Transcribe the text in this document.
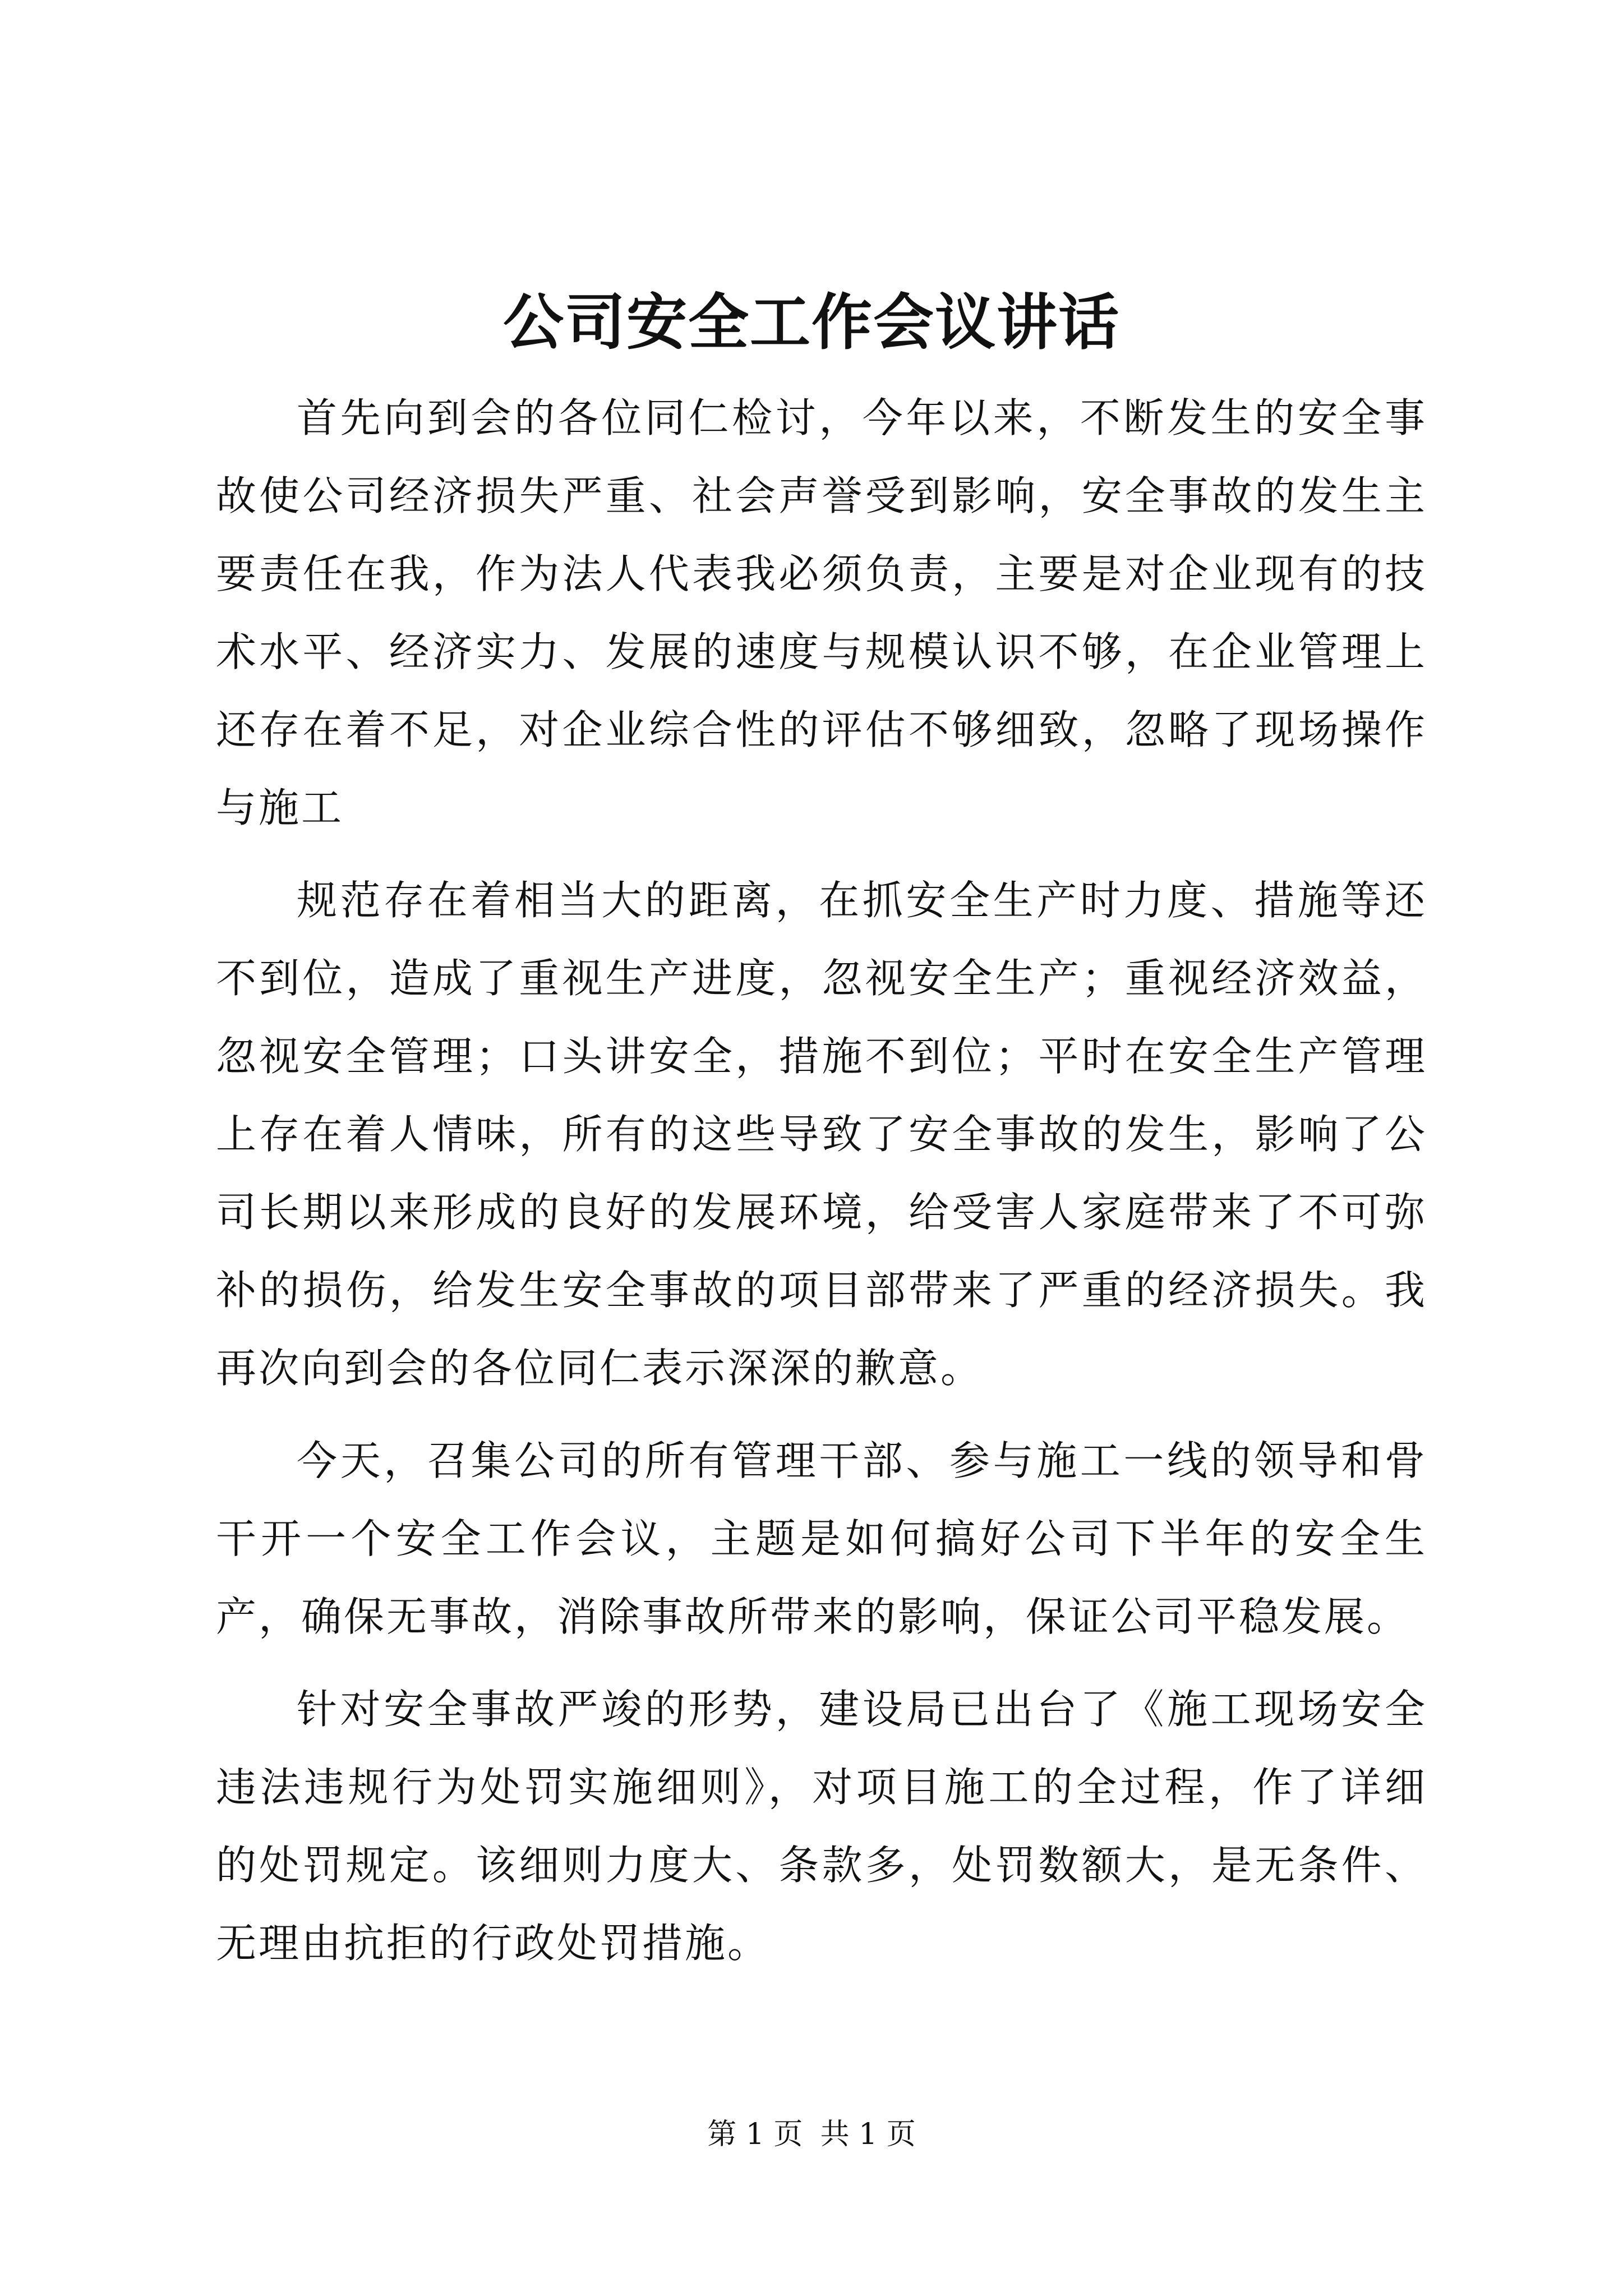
公司安全工作会议讲话

首先向到会的各位同仁检讨，今年以来，不断发生的安全事故使公司经济损失严重、社会声誉受到影响，安全事故的发生主要责任在我，作为法人代表我必须负责，主要是对企业现有的技术水平、经济实力、发展的速度与规模认识不够，在企业管理上还存在着不足，对企业综合性的评估不够细致，忽略了现场操作与施工

规范存在着相当大的距离，在抓安全生产时力度、措施等还不到位，造成了重视生产进度，忽视安全生产；重视经济效益，忽视安全管理；口头讲安全，措施不到位；平时在安全生产管理上存在着人情味，所有的这些导致了安全事故的发生，影响了公司长期以来形成的良好的发展环境，给受害人家庭带来了不可弥补的损伤，给发生安全事故的项目部带来了严重的经济损失。我再次向到会的各位同仁表示深深的歉意。

今天，召集公司的所有管理干部、参与施工一线的领导和骨干开一个安全工作会议，主题是如何搞好公司下半年的安全生产，确保无事故，消除事故所带来的影响，保证公司平稳发展。

针对安全事故严竣的形势，建设局已出台了《施工现场安全违法违规行为处罚实施细则》，对项目施工的全过程，作了详细的处罚规定。该细则力度大、条款多，处罚数额大，是无条件、无理由抗拒的行政处罚措施。

第 1 页 共 1 页
